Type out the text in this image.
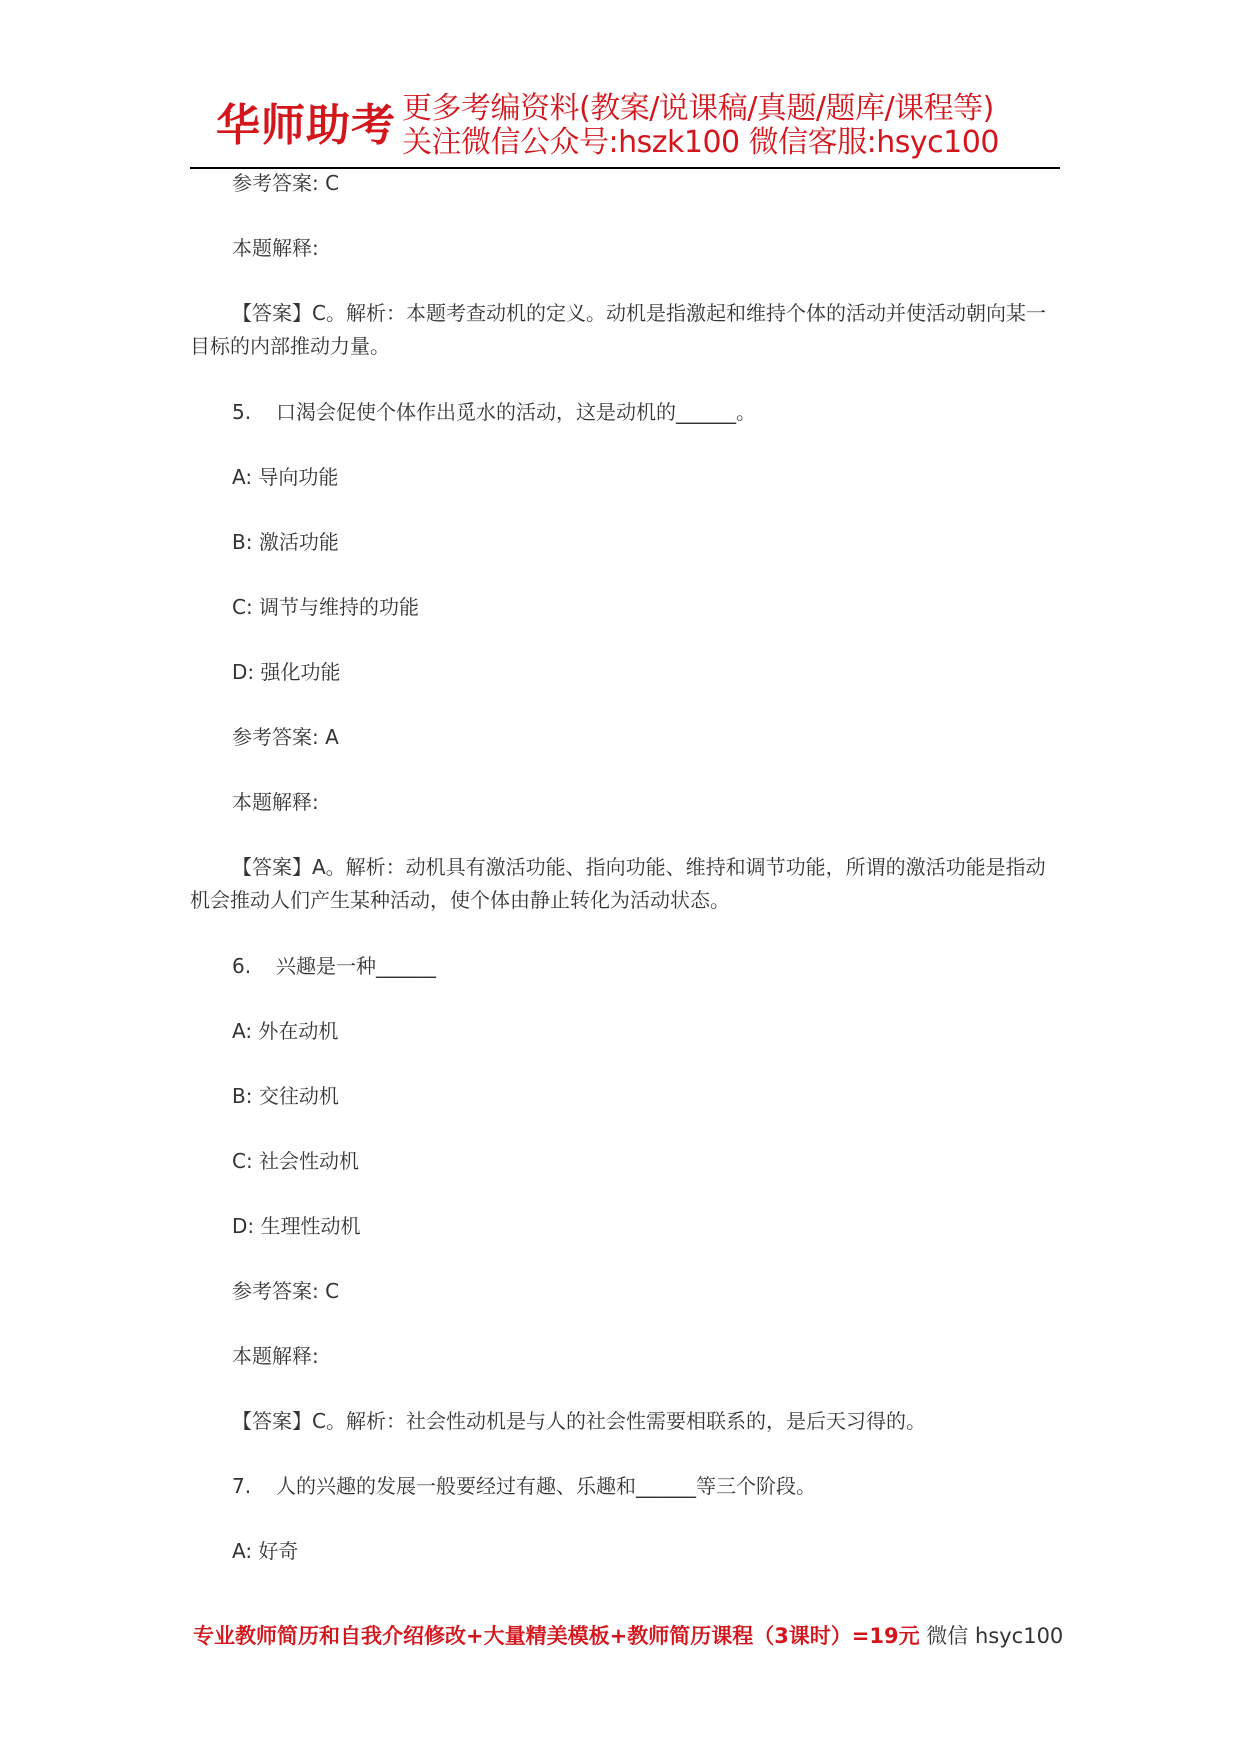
华师助考 更多考编资料(教案/说课稿/真题/题库/课程等)
关注微信公众号:hszk100 微信客服:hsyc100

参考答案: C

本题解释:

【答案】C。解析：本题考查动机的定义。动机是指激起和维持个体的活动并使活动朝向某一目标的内部推动力量。

5. 口渴会促使个体作出觅水的活动，这是动机的______。

A: 导向功能

B: 激活功能

C: 调节与维持的功能

D: 强化功能

参考答案: A

本题解释:

【答案】A。解析：动机具有激活功能、指向功能、维持和调节功能，所谓的激活功能是指动机会推动人们产生某种活动，使个体由静止转化为活动状态。

6. 兴趣是一种______

A: 外在动机

B: 交往动机

C: 社会性动机

D: 生理性动机

参考答案: C

本题解释:

【答案】C。解析：社会性动机是与人的社会性需要相联系的，是后天习得的。

7. 人的兴趣的发展一般要经过有趣、乐趣和______等三个阶段。

A: 好奇

专业教师简历和自我介绍修改+大量精美模板+教师简历课程（3课时）=19元 微信 hsyc100
